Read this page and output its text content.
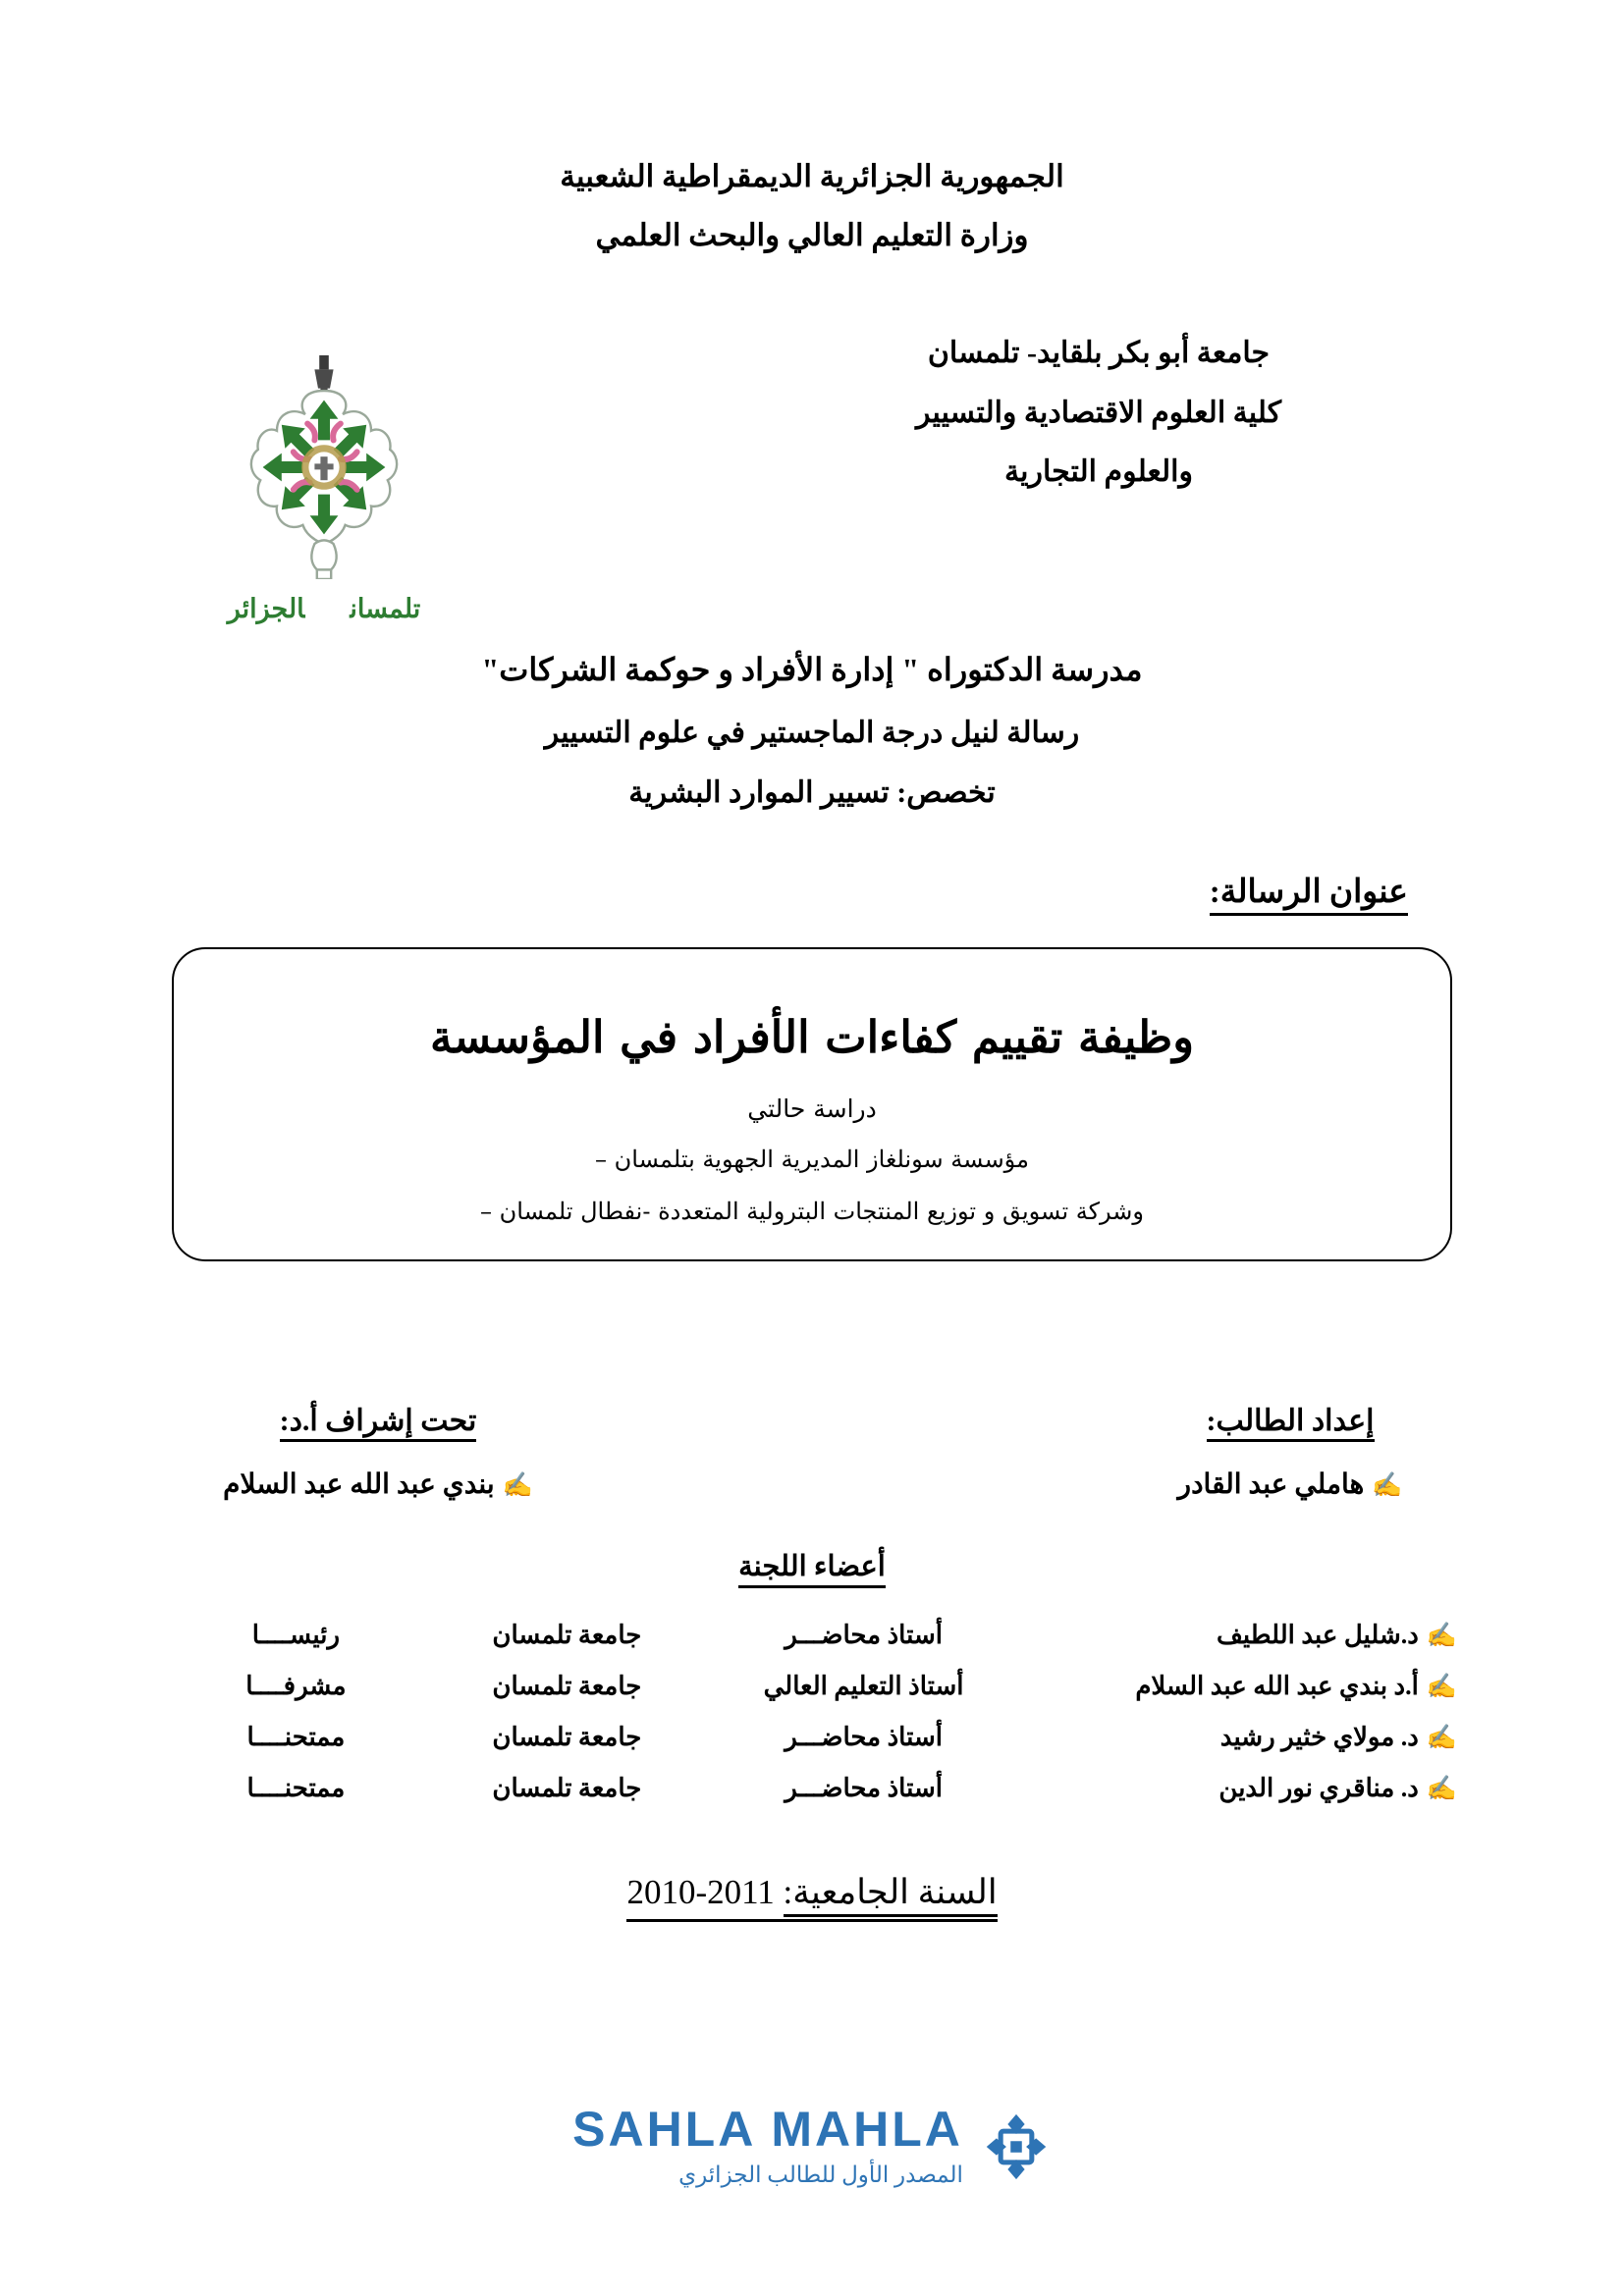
الجمهورية الجزائرية الديمقراطية الشعبية
وزارة التعليم العالي والبحث العلمي
جامعة أبو بكر بلقايد- تلمسان
كلية العلوم الاقتصادية والتسيير
والعلوم التجارية
تلمسانالجزائر
مدرسة الدكتوراه " إدارة الأفراد و حوكمة الشركات"
رسالة لنيل درجة الماجستير في علوم التسيير
تخصص: تسيير الموارد البشرية
عنوان الرسالة:
وظيفة تقييم كفاءات الأفراد في المؤسسة
دراسة حالتي
مؤسسة سونلغاز المديرية الجهوية بتلمسان –
وشركة تسويق و توزيع المنتجات البترولية المتعددة -نفطال تلمسان –
إعداد الطالب:
✍هاملي عبد القادر
تحت إشراف أ.د:
✍بندي عبد الله عبد السلام
أعضاء اللجنة
✍د.شليل عبد اللطيف	أستاذ محاضـــر	جامعة تلمسان	رئيســــا
✍أ.د بندي عبد الله عبد السلام	أستاذ التعليم العالي	جامعة تلمسان	مشرفــــا
✍د. مولاي خثير رشيد	أستاذ محاضـــر	جامعة تلمسان	ممتحنــــا
✍د. مناقري نور الدين	أستاذ محاضـــر	جامعة تلمسان	ممتحنــــا
السنة الجامعية: 2010-2011
SAHLA MAHLA
المصدر الأول للطالب الجزائري
